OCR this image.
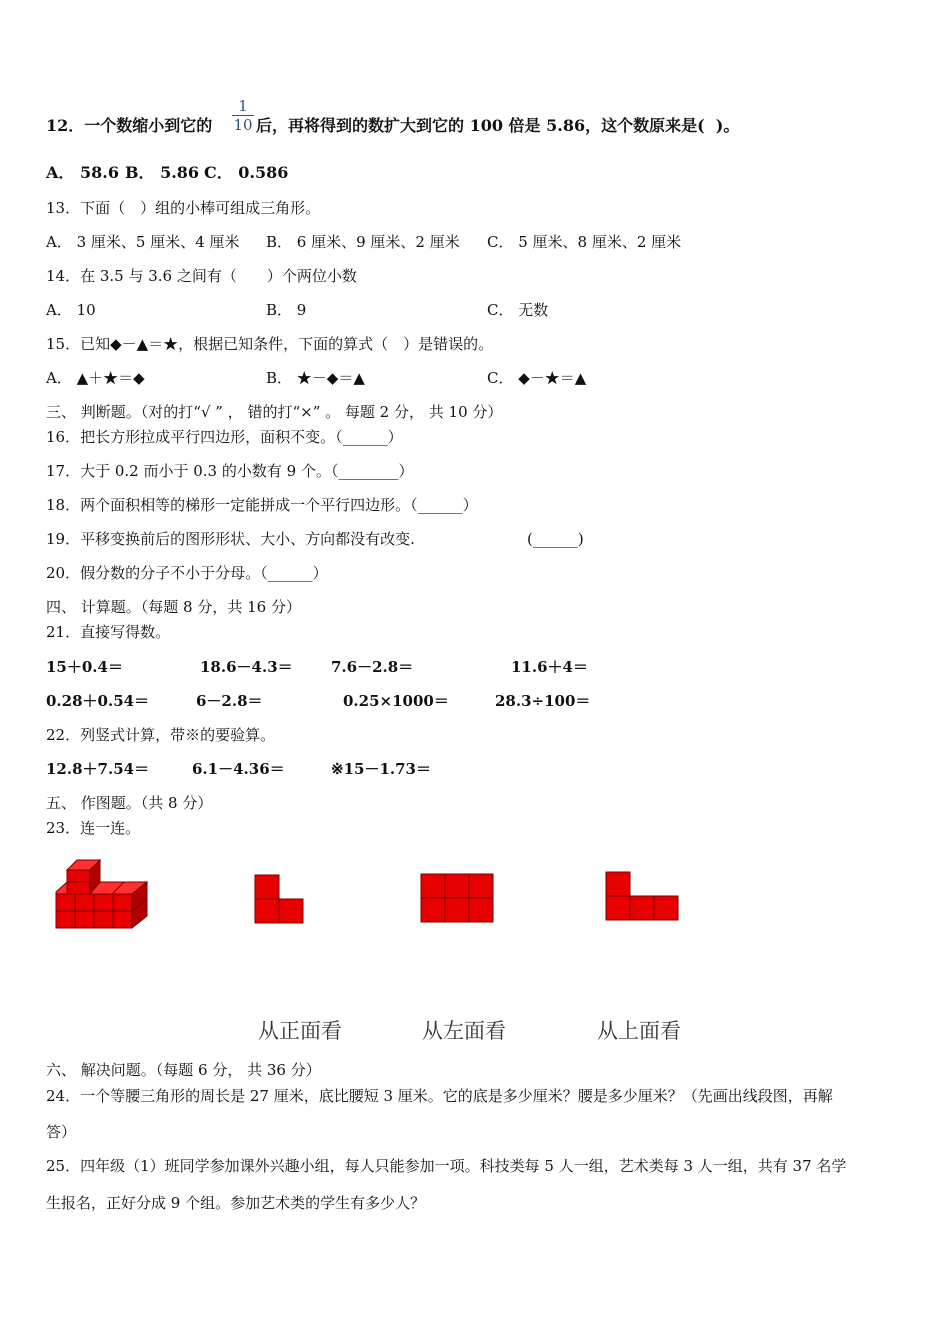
12．一个数缩小到它的
1
10 后，再将得到的数扩大到它的 100 倍是 5.86，这个数原来是(  )。
A． 58.6 B． 5.86 C． 0.586
13．下面（　）组的小棒可组成三角形。
A． 3 厘米、5 厘米、4 厘米 B． 6 厘米、9 厘米、2 厘米 C． 5 厘米、8 厘米、2 厘米
14．在 3.5 与 3.6 之间有（　　）个两位小数
A． 10	B． 9	C． 无数
15．已知◆－▲＝★，根据已知条件，下面的算式（　）是错误的。
A． ▲＋★＝◆	B． ★－◆＝▲	C． ◆－★＝▲
三、 判断题。（对的打“√ ” ， 错的打“×” 。 每题 2 分， 共 10 分）
16．把长方形拉成平行四边形，面积不变。（______）
17．大于 0.2 而小于 0.3 的小数有 9 个。（________）
18．两个面积相等的梯形一定能拼成一个平行四边形。（______）
19．平移变换前后的图形形状、大小、方向都没有改变.	(______)
20．假分数的分子不小于分母。（______）
四、 计算题。（每题 8 分，共 16 分）
21．直接写得数。
15＋0.4＝	18.6－4.3＝	7.6－2.8＝	11.6＋4＝
0.28＋0.54＝	6－2.8＝	0.25×1000＝	28.3÷100＝
22．列竖式计算，带※的要验算。
12.8＋7.54＝	6.1－4.36＝	※15－1.73＝
五、 作图题。（共 8 分）
23．连一连。
从正面看	从左面看	从上面看
六、 解决问题。（每题 6 分， 共 36 分）
24．一个等腰三角形的周长是 27 厘米，底比腰短 3 厘米。它的底是多少厘米？腰是多少厘米？（先画出线段图，再解
答）
25．四年级（1）班同学参加课外兴趣小组，每人只能参加一项。科技类每 5 人一组，艺术类每 3 人一组，共有 37 名学
生报名，正好分成 9 个组。参加艺术类的学生有多少人？
